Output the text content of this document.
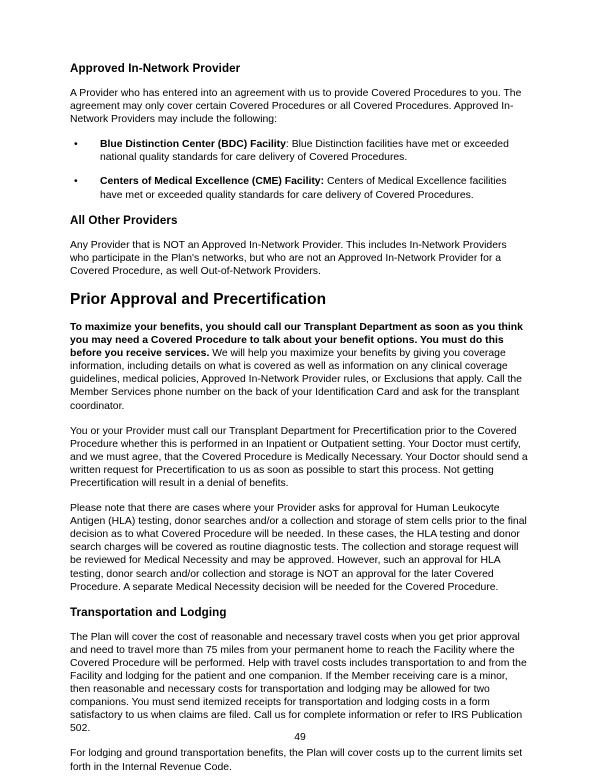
Approved In-Network Provider

A Provider who has entered into an agreement with us to provide Covered Procedures to you. The agreement may only cover certain Covered Procedures or all Covered Procedures. Approved In-Network Providers may include the following:

• Blue Distinction Center (BDC) Facility: Blue Distinction facilities have met or exceeded national quality standards for care delivery of Covered Procedures.
• Centers of Medical Excellence (CME) Facility: Centers of Medical Excellence facilities have met or exceeded quality standards for care delivery of Covered Procedures.
All Other Providers

Any Provider that is NOT an Approved In-Network Provider. This includes In-Network Providers who participate in the Plan's networks, but who are not an Approved In-Network Provider for a Covered Procedure, as well Out-of-Network Providers.

Prior Approval and Precertification

To maximize your benefits, you should call our Transplant Department as soon as you think you may need a Covered Procedure to talk about your benefit options. You must do this before you receive services. We will help you maximize your benefits by giving you coverage information, including details on what is covered as well as information on any clinical coverage guidelines, medical policies, Approved In-Network Provider rules, or Exclusions that apply. Call the Member Services phone number on the back of your Identification Card and ask for the transplant coordinator.

You or your Provider must call our Transplant Department for Precertification prior to the Covered Procedure whether this is performed in an Inpatient or Outpatient setting. Your Doctor must certify, and we must agree, that the Covered Procedure is Medically Necessary. Your Doctor should send a written request for Precertification to us as soon as possible to start this process. Not getting Precertification will result in a denial of benefits.

Please note that there are cases where your Provider asks for approval for Human Leukocyte Antigen (HLA) testing, donor searches and/or a collection and storage of stem cells prior to the final decision as to what Covered Procedure will be needed. In these cases, the HLA testing and donor search charges will be covered as routine diagnostic tests. The collection and storage request will be reviewed for Medical Necessity and may be approved. However, such an approval for HLA testing, donor search and/or collection and storage is NOT an approval for the later Covered Procedure. A separate Medical Necessity decision will be needed for the Covered Procedure.

Transportation and Lodging

The Plan will cover the cost of reasonable and necessary travel costs when you get prior approval and need to travel more than 75 miles from your permanent home to reach the Facility where the Covered Procedure will be performed. Help with travel costs includes transportation to and from the Facility and lodging for the patient and one companion. If the Member receiving care is a minor, then reasonable and necessary costs for transportation and lodging may be allowed for two companions. You must send itemized receipts for transportation and lodging costs in a form satisfactory to us when claims are filed. Call us for complete information or refer to IRS Publication 502.

For lodging and ground transportation benefits, the Plan will cover costs up to the current limits set forth in the Internal Revenue Code.

49
